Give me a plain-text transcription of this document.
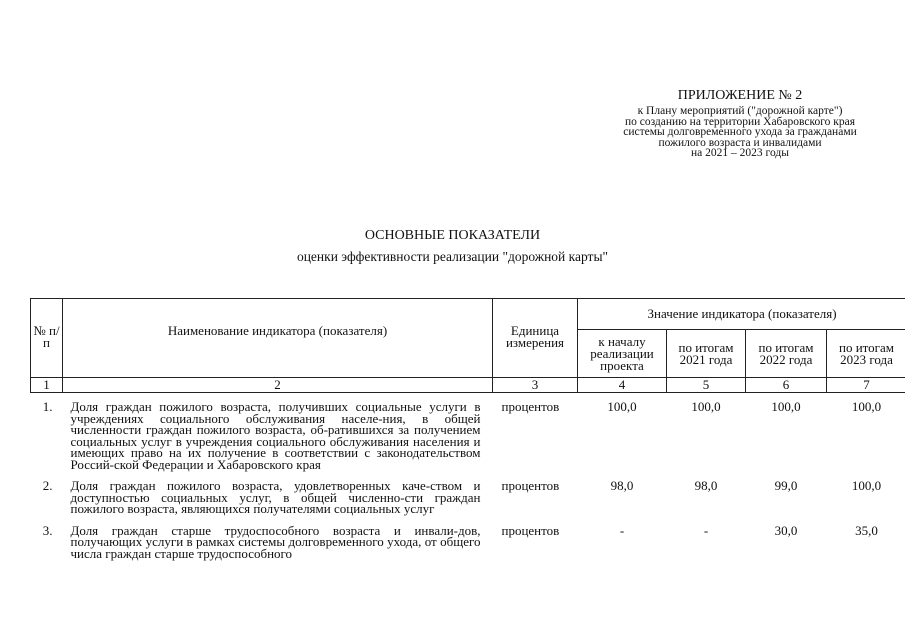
ПРИЛОЖЕНИЕ № 2
к Плану мероприятий ("дорожной карте")
по созданию на территории Хабаровского края
системы долговременного ухода за гражданами
пожилого возраста и инвалидами
на 2021 – 2023 годы
ОСНОВНЫЕ ПОКАЗАТЕЛИ
оценки эффективности реализации "дорожной карты"
№ п/п	Наименование индикатора (показателя)	Единица измерения	Значение индикатора (показателя)			
			к началу реализации проекта	по итогам 2021 года	по итогам 2022 года	по итогам 2023 года
1	2	3	4	5	6	7
1.	Доля граждан пожилого возраста, получивших социальные услуги в учреждениях социального обслуживания населе-ния, в общей численности граждан пожилого возраста, об-ратившихся за получением социальных услуг в учреждения социального обслуживания населения и имеющих право на их получение в соответствии с законодательством Россий-ской Федерации и Хабаровского края	процентов	100,0	100,0	100,0	100,0
2.	Доля граждан пожилого возраста, удовлетворенных каче-ством и доступностью социальных услуг, в общей численно-сти граждан пожилого возраста, являющихся получателями социальных услуг	процентов	98,0	98,0	99,0	100,0
3.	Доля граждан старше трудоспособного возраста и инвали-дов, получающих услуги в рамках системы долговременного ухода, от общего числа граждан старше трудоспособного	процентов	-	-	30,0	35,0
